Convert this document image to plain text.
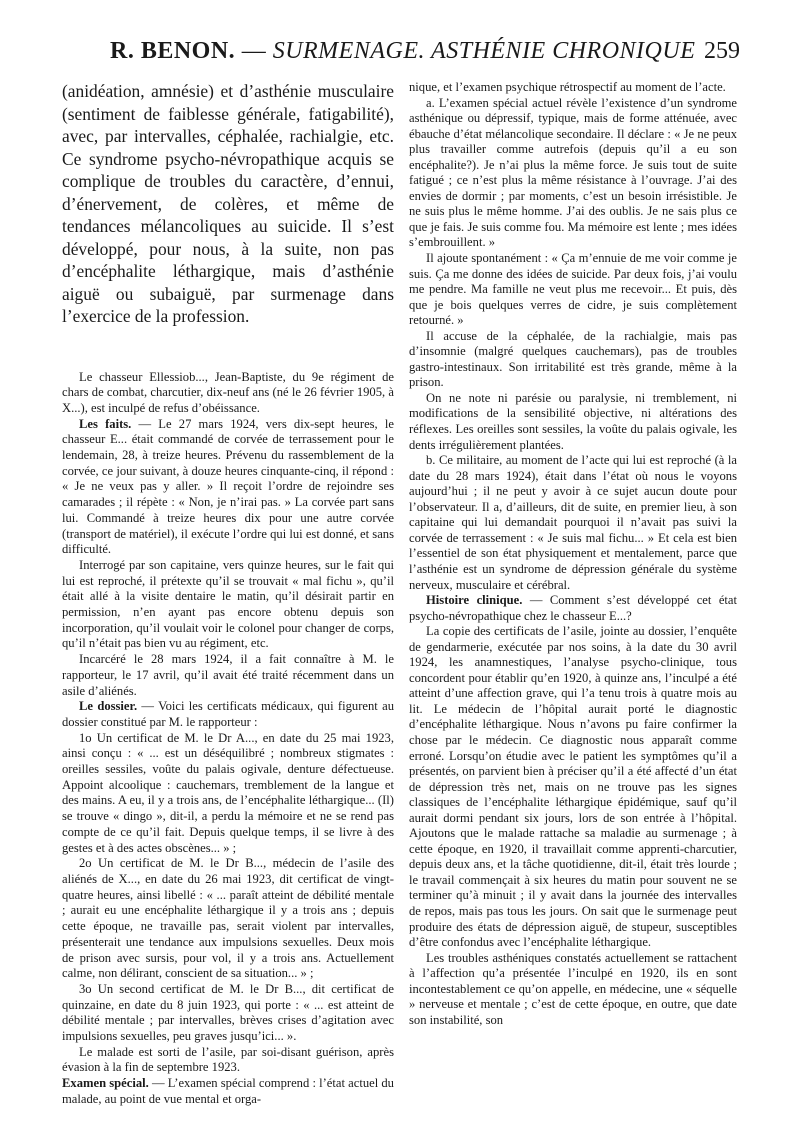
R. BENON. — SURMENAGE. ASTHÉNIE CHRONIQUE 259

(anidéation, amnésie) et d’asthénie musculaire (sentiment de faiblesse générale, fatigabilité), avec, par intervalles, céphalée, rachialgie, etc. Ce syndrome psycho-névropathique acquis se complique de troubles du caractère, d’ennui, d’énervement, de colères, et même de tendances mélancoliques au suicide. Il s’est développé, pour nous, à la suite, non pas d’encéphalite léthargique, mais d’asthénie aiguë ou subaiguë, par surmenage dans l’exercice de la profession.

Le chasseur Ellessiob..., Jean-Baptiste, du 9e régiment de chars de combat, charcutier, dix-neuf ans (né le 26 février 1905, à X...), est inculpé de refus d’obéissance.

Les faits. — Le 27 mars 1924, vers dix-sept heures, le chasseur E... était commandé de corvée de terrassement pour le lendemain, 28, à treize heures. Prévenu du rassemblement de la corvée, ce jour suivant, à douze heures cinquante-cinq, il répond : « Je ne veux pas y aller. » Il reçoit l’ordre de rejoindre ses camarades ; il répète : « Non, je n’irai pas. » La corvée part sans lui. Commandé à treize heures dix pour une autre corvée (transport de matériel), il exécute l’ordre qui lui est donné, et sans difficulté.

Interrogé par son capitaine, vers quinze heures, sur le fait qui lui est reproché, il prétexte qu’il se trouvait « mal fichu », qu’il était allé à la visite dentaire le matin, qu’il désirait partir en permission, n’en ayant pas encore obtenu depuis son incorporation, qu’il voulait voir le colonel pour changer de corps, qu’il n’était pas bien vu au régiment, etc.

Incarcéré le 28 mars 1924, il a fait connaître à M. le rapporteur, le 17 avril, qu’il avait été traité récemment dans un asile d’aliénés.

Le dossier. — Voici les certificats médicaux, qui figurent au dossier constitué par M. le rapporteur :

1o Un certificat de M. le Dr A..., en date du 25 mai 1923, ainsi conçu : « ... est un déséquilibré ; nombreux stigmates : oreilles sessiles, voûte du palais ogivale, denture défectueuse. Appoint alcoolique : cauchemars, tremblement de la langue et des mains. A eu, il y a trois ans, de l’encéphalite léthargique... (Il) se trouve « dingo », dit-il, a perdu la mémoire et ne se rend pas compte de ce qu’il fait. Depuis quelque temps, il se livre à des gestes et à des actes obscènes... » ;

2o Un certificat de M. le Dr B..., médecin de l’asile des aliénés de X..., en date du 26 mai 1923, dit certificat de vingt-quatre heures, ainsi libellé : « ... paraît atteint de débilité mentale ; aurait eu une encéphalite léthargique il y a trois ans ; depuis cette époque, ne travaille pas, serait violent par intervalles, présenterait une tendance aux impulsions sexuelles. Deux mois de prison avec sursis, pour vol, il y a trois ans. Actuellement calme, non délirant, conscient de sa situation... » ;

3o Un second certificat de M. le Dr B..., dit certificat de quinzaine, en date du 8 juin 1923, qui porte : « ... est atteint de débilité mentale ; par intervalles, brèves crises d’agitation avec impulsions sexuelles, peu graves jusqu’ici... ».

Le malade est sorti de l’asile, par soi-disant guérison, après évasion à la fin de septembre 1923.

Examen spécial. — L’examen spécial comprend : l’état actuel du malade, au point de vue mental et orga-

nique, et l’examen psychique rétrospectif au moment de l’acte.

a. L’examen spécial actuel révèle l’existence d’un syndrome asthénique ou dépressif, typique, mais de forme atténuée, avec ébauche d’état mélancolique secondaire. Il déclare : « Je ne peux plus travailler comme autrefois (depuis qu’il a eu son encéphalite?). Je n’ai plus la même force. Je suis tout de suite fatigué ; ce n’est plus la même résistance à l’ouvrage. J’ai des envies de dormir ; par moments, c’est un besoin irrésistible. Je ne suis plus le même homme. J’ai des oublis. Je ne sais plus ce que je fais. Je suis comme fou. Ma mémoire est lente ; mes idées s’embrouillent. »

Il ajoute spontanément : « Ça m’ennuie de me voir comme je suis. Ça me donne des idées de suicide. Par deux fois, j’ai voulu me pendre. Ma famille ne veut plus me recevoir... Et puis, dès que je bois quelques verres de cidre, je suis complètement retourné. »

Il accuse de la céphalée, de la rachialgie, mais pas d’insomnie (malgré quelques cauchemars), pas de troubles gastro-intestinaux. Son irritabilité est très grande, même à la prison.

On ne note ni parésie ou paralysie, ni tremblement, ni modifications de la sensibilité objective, ni altérations des réflexes. Les oreilles sont sessiles, la voûte du palais ogivale, les dents irrégulièrement plantées.

b. Ce militaire, au moment de l’acte qui lui est reproché (à la date du 28 mars 1924), était dans l’état où nous le voyons aujourd’hui ; il ne peut y avoir à ce sujet aucun doute pour l’observateur. Il a, d’ailleurs, dit de suite, en premier lieu, à son capitaine qui lui demandait pourquoi il n’avait pas suivi la corvée de terrassement : « Je suis mal fichu... » Et cela est bien l’essentiel de son état physiquement et mentalement, parce que l’asthénie est un syndrome de dépression générale du système nerveux, musculaire et cérébral.

Histoire clinique. — Comment s’est développé cet état psycho-névropathique chez le chasseur E...?

La copie des certificats de l’asile, jointe au dossier, l’enquête de gendarmerie, exécutée par nos soins, à la date du 30 avril 1924, les anamnestiques, l’analyse psycho-clinique, tous concordent pour établir qu’en 1920, à quinze ans, l’inculpé a été atteint d’une affection grave, qui l’a tenu trois à quatre mois au lit. Le médecin de l’hôpital aurait porté le diagnostic d’encéphalite léthargique. Nous n’avons pu faire confirmer la chose par le médecin. Ce diagnostic nous apparaît comme erroné. Lorsqu’on étudie avec le patient les symptômes qu’il a présentés, on parvient bien à préciser qu’il a été affecté d’un état de dépression très net, mais on ne trouve pas les signes classiques de l’encéphalite léthargique épidémique, sauf qu’il aurait dormi pendant six jours, lors de son entrée à l’hôpital. Ajoutons que le malade rattache sa maladie au surmenage ; à cette époque, en 1920, il travaillait comme apprenti-charcutier, depuis deux ans, et la tâche quotidienne, dit-il, était très lourde ; le travail commençait à six heures du matin pour souvent ne se terminer qu’à minuit ; il y avait dans la journée des intervalles de repos, mais pas tous les jours. On sait que le surmenage peut produire des états de dépression aiguë, de stupeur, susceptibles d’être confondus avec l’encéphalite léthargique.

Les troubles asthéniques constatés actuellement se rattachent à l’affection qu’a présentée l’inculpé en 1920, ils en sont incontestablement ce qu’on appelle, en médecine, une « séquelle » nerveuse et mentale ; c’est de cette époque, en outre, que date son instabilité, son
